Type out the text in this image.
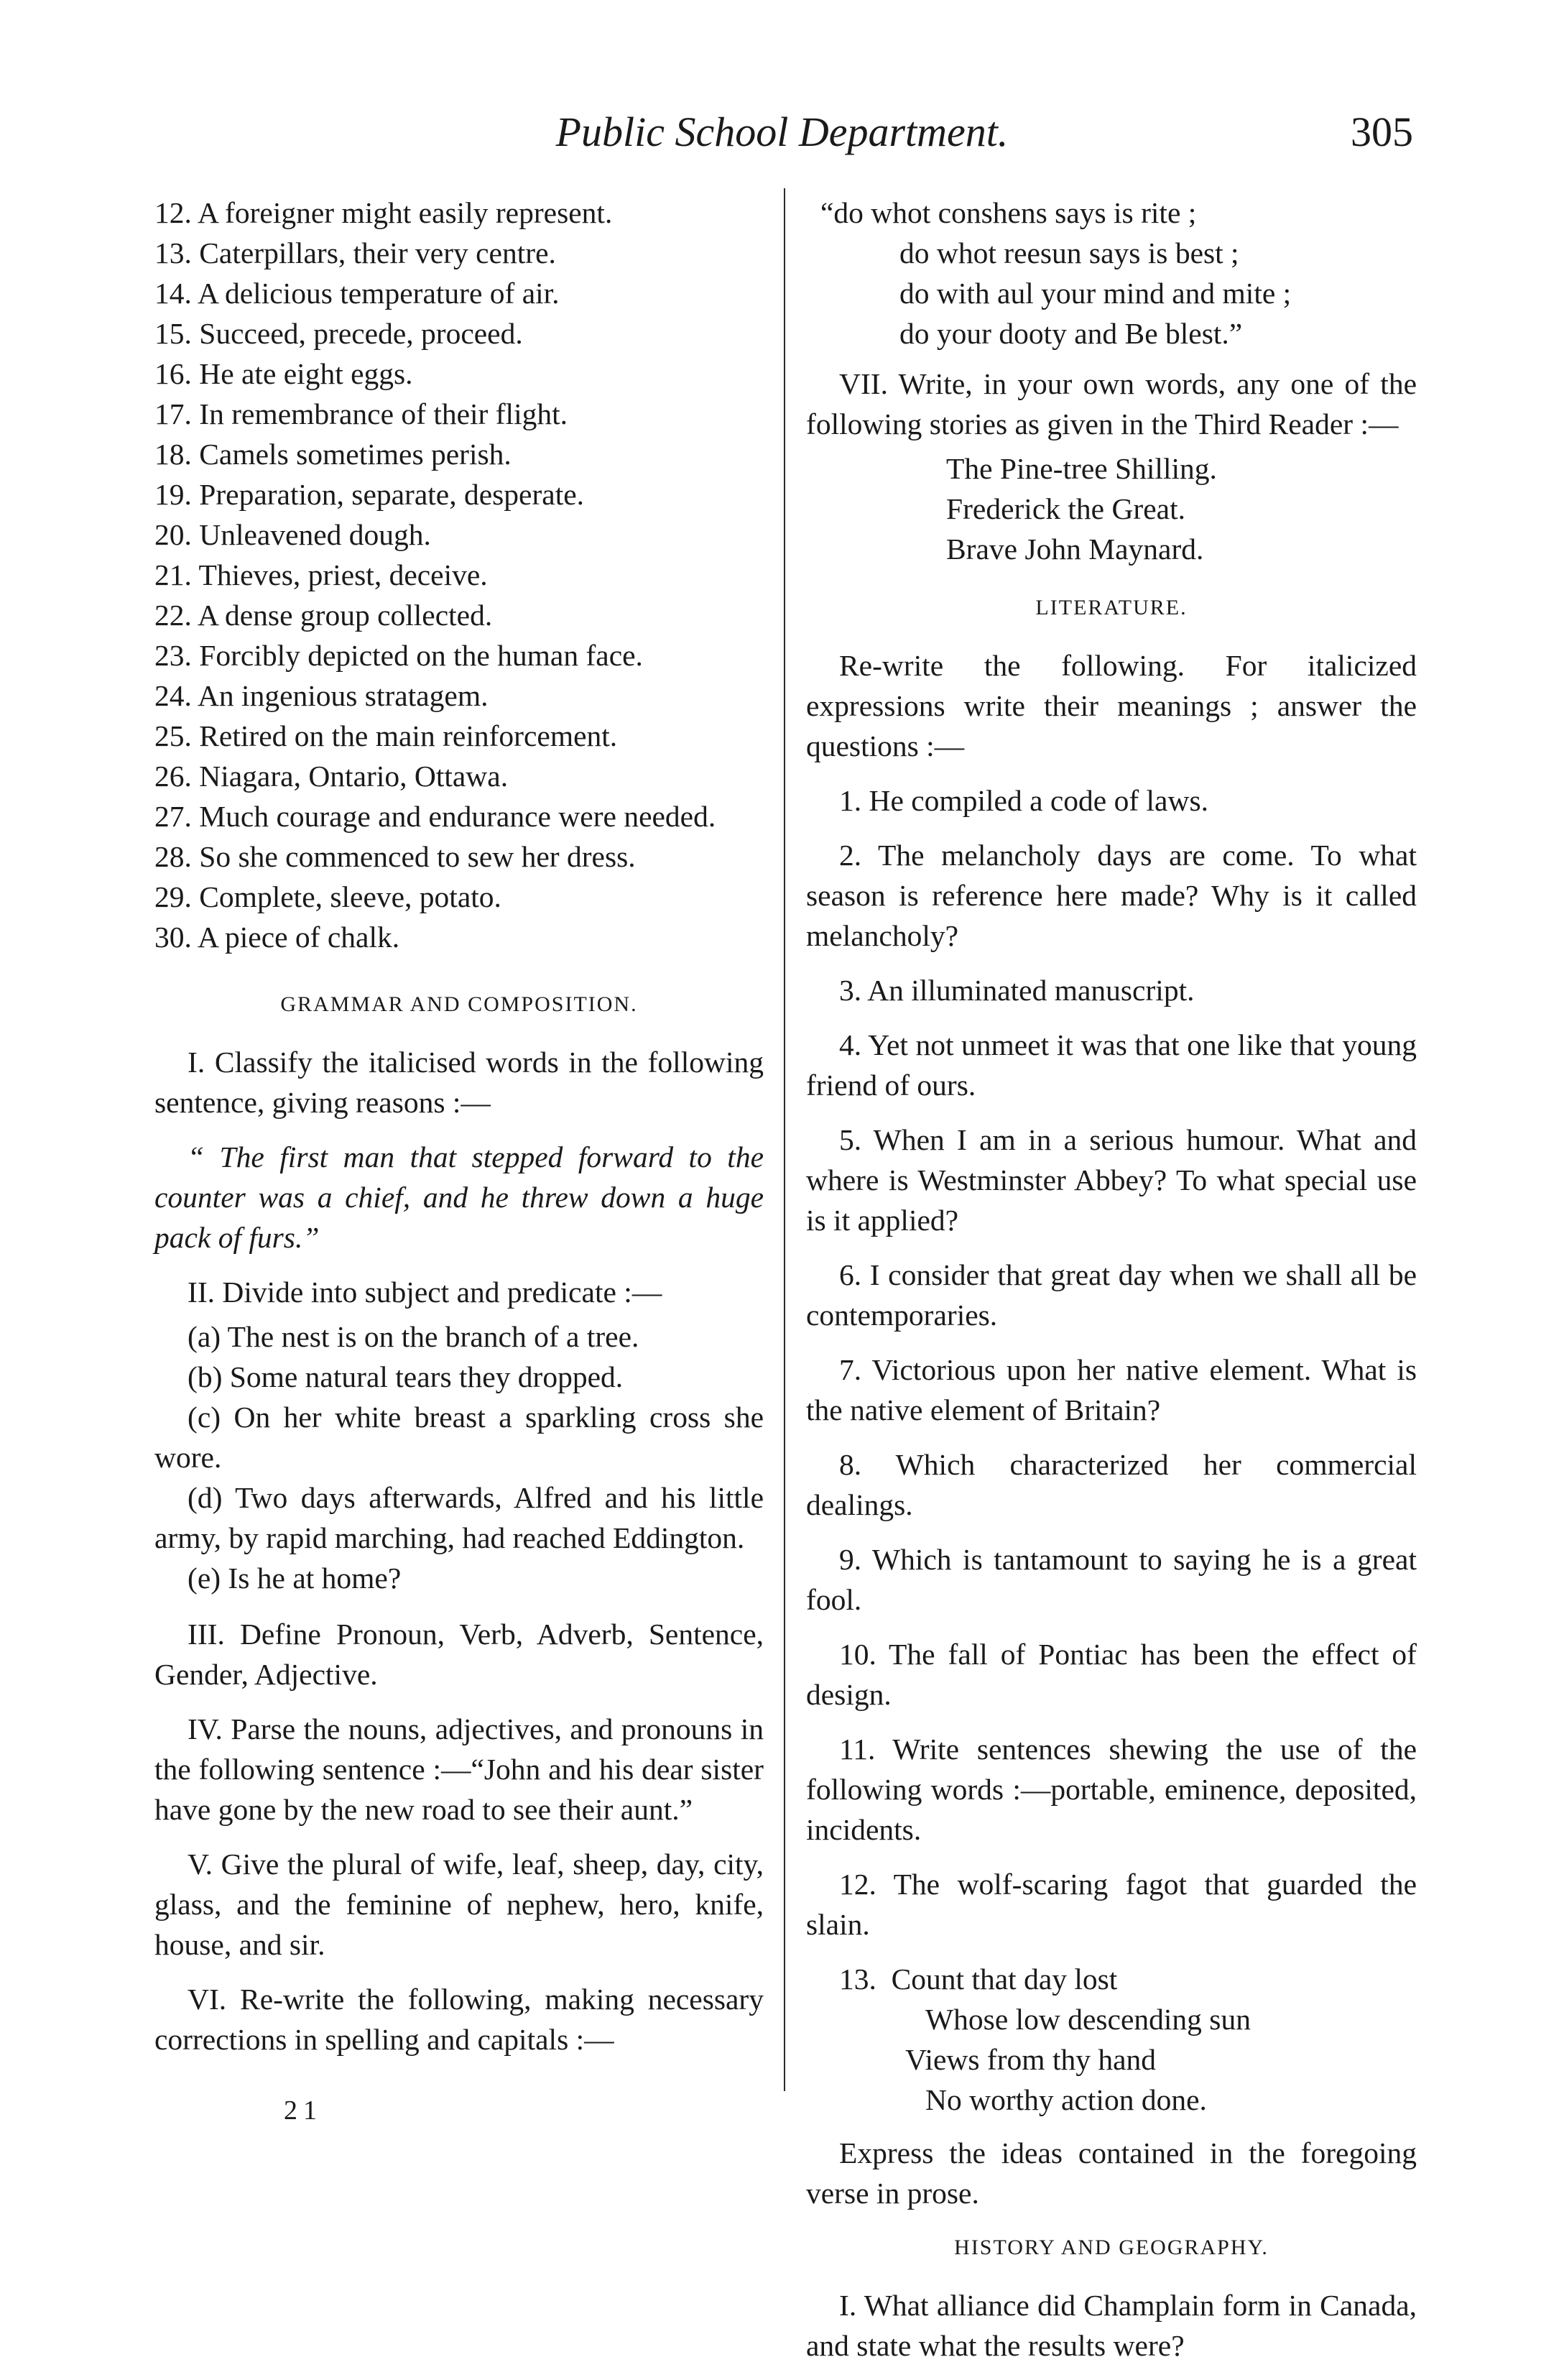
Public School Department.	305
12. A foreigner might easily represent.
13. Caterpillars, their very centre.
14. A delicious temperature of air.
15. Succeed, precede, proceed.
16. He ate eight eggs.
17. In remembrance of their flight.
18. Camels sometimes perish.
19. Preparation, separate, desperate.
20. Unleavened dough.
21. Thieves, priest, deceive.
22. A dense group collected.
23. Forcibly depicted on the human face.
24. An ingenious stratagem.
25. Retired on the main reinforcement.
26. Niagara, Ontario, Ottawa.
27. Much courage and endurance were needed.
28. So she commenced to sew her dress.
29. Complete, sleeve, potato.
30. A piece of chalk.
GRAMMAR AND COMPOSITION.

I. Classify the italicised words in the following sentence, giving reasons :—

“ The first man that stepped forward to the counter was a chief, and he threw down a huge pack of furs.”

II. Divide into subject and predicate :—

(a) The nest is on the branch of a tree.

(b) Some natural tears they dropped.

(c) On her white breast a sparkling cross she wore.

(d) Two days afterwards, Alfred and his little army, by rapid marching, had reached Eddington.

(e) Is he at home?

III. Define Pronoun, Verb, Adverb, Sentence, Gender, Adjective.

IV. Parse the nouns, adjectives, and pronouns in the following sentence :—“John and his dear sister have gone by the new road to see their aunt.”

V. Give the plural of wife, leaf, sheep, day, city, glass, and the feminine of nephew, hero, knife, house, and sir.

VI. Re-write the following, making necessary corrections in spelling and capitals :—

21
“do whot conshens says is rite ;
do whot reesun says is best ;
do with aul your mind and mite ;
do your dooty and Be blest.”

VII. Write, in your own words, any one of the following stories as given in the Third Reader :—

The Pine-tree Shilling.
Frederick the Great.
Brave John Maynard.
LITERATURE.

Re-write the following. For italicized expressions write their meanings ; answer the questions :—

1. He compiled a code of laws.

2. The melancholy days are come. To what season is reference here made? Why is it called melancholy?

3. An illuminated manuscript.

4. Yet not unmeet it was that one like that young friend of ours.

5. When I am in a serious humour. What and where is Westminster Abbey? To what special use is it applied?

6. I consider that great day when we shall all be contemporaries.

7. Victorious upon her native element. What is the native element of Britain?

8. Which characterized her commercial dealings.

9. Which is tantamount to saying he is a great fool.

10. The fall of Pontiac has been the effect of design.

11. Write sentences shewing the use of the following words :—portable, eminence, deposited, incidents.

12. The wolf-scaring fagot that guarded the slain.

13. Count that day lost
Whose low descending sun
Views from thy hand
No worthy action done.

Express the ideas contained in the foregoing verse in prose.

HISTORY AND GEOGRAPHY.

I. What alliance did Champlain form in Canada, and state what the results were?
